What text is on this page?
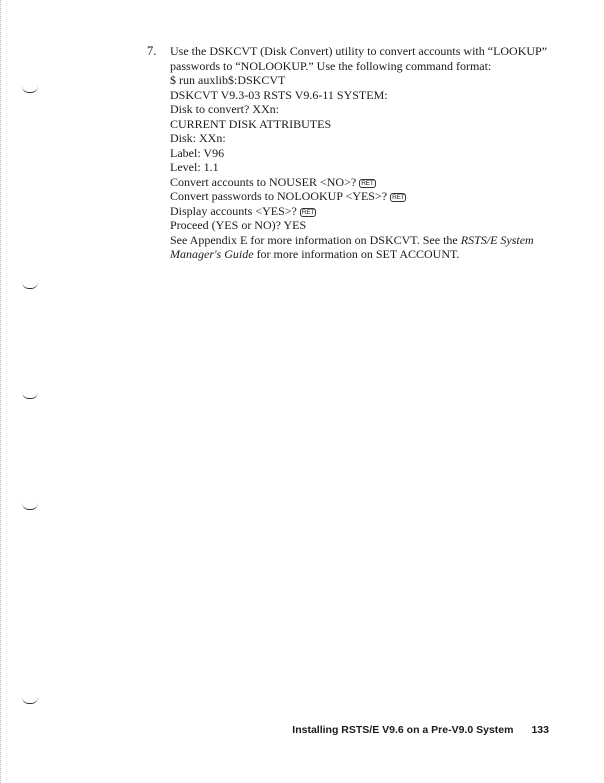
7. Use the DSKCVT (Disk Convert) utility to convert accounts with “LOOKUP”
passwords to “NOLOOKUP.” Use the following command format:

$ run auxlib$:DSKCVT
DSKCVT V9.3-03 RSTS V9.6-11 SYSTEM:

Disk to convert? XXn:

CURRENT DISK ATTRIBUTES

Disk: XXn:
Label: V96
Level: 1.1

Convert accounts to NOUSER <NO>? RET
Convert passwords to NOLOOKUP <YES>? RET
Display accounts <YES>? RET
Proceed (YES or NO)? YES

See Appendix E for more information on DSKCVT. See the RSTS/E System
Manager's Guide for more information on SET ACCOUNT.

Installing RSTS/E V9.6 on a Pre-V9.0 System 133
